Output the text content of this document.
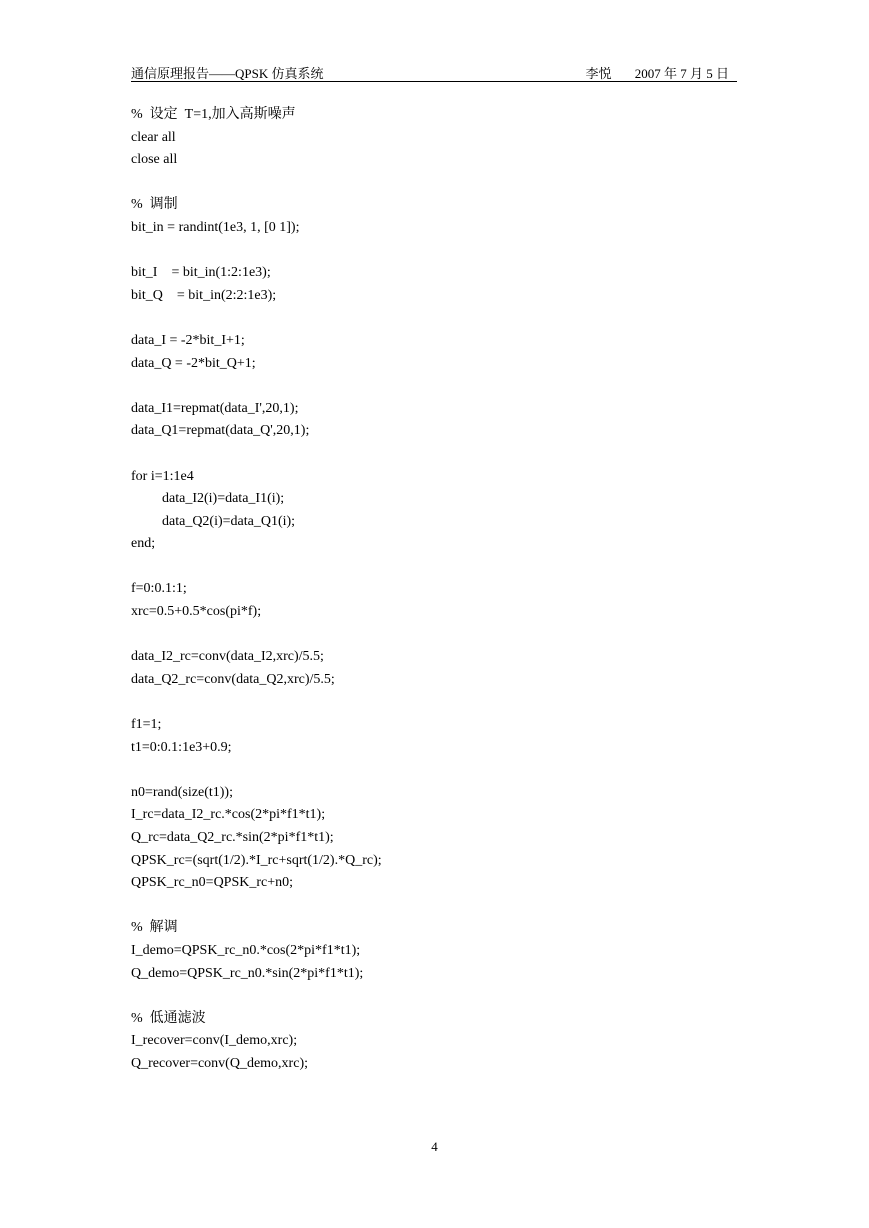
通信原理报告——QPSK 仿真系统	李悦 2007 年 7 月 5 日
%  设定  T=1,加入高斯噪声
clear all
close all
%  调制
bit_in = randint(1e3, 1, [0 1]);
bit_I    = bit_in(1:2:1e3);
bit_Q    = bit_in(2:2:1e3);
data_I = -2*bit_I+1;
data_Q = -2*bit_Q+1;
data_I1=repmat(data_I',20,1);
data_Q1=repmat(data_Q',20,1);
for i=1:1e4
data_I2(i)=data_I1(i);
data_Q2(i)=data_Q1(i);
end;
f=0:0.1:1;
xrc=0.5+0.5*cos(pi*f);
data_I2_rc=conv(data_I2,xrc)/5.5;
data_Q2_rc=conv(data_Q2,xrc)/5.5;
f1=1;
t1=0:0.1:1e3+0.9;
n0=rand(size(t1));
I_rc=data_I2_rc.*cos(2*pi*f1*t1);
Q_rc=data_Q2_rc.*sin(2*pi*f1*t1);
QPSK_rc=(sqrt(1/2).*I_rc+sqrt(1/2).*Q_rc);
QPSK_rc_n0=QPSK_rc+n0;
%  解调
I_demo=QPSK_rc_n0.*cos(2*pi*f1*t1);
Q_demo=QPSK_rc_n0.*sin(2*pi*f1*t1);
%  低通滤波
I_recover=conv(I_demo,xrc);
Q_recover=conv(Q_demo,xrc);
4
